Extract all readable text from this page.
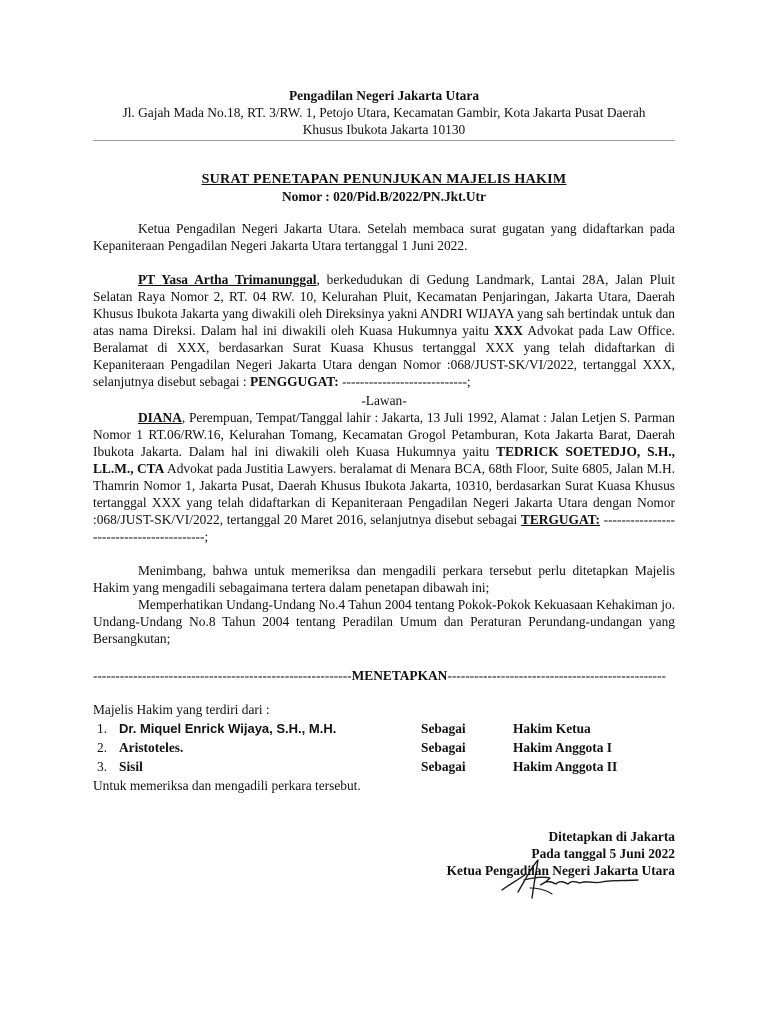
Pengadilan Negeri Jakarta Utara
Jl. Gajah Mada No.18, RT. 3/RW. 1, Petojo Utara, Kecamatan Gambir, Kota Jakarta Pusat Daerah
Khusus Ibukota Jakarta 10130
SURAT PENETAPAN PENUNJUKAN MAJELIS HAKIM
Nomor : 020/Pid.B/2022/PN.Jkt.Utr

Ketua Pengadilan Negeri Jakarta Utara. Setelah membaca surat gugatan yang didaftarkan pada Kepaniteraan Pengadilan Negeri Jakarta Utara tertanggal 1 Juni 2022.

PT Yasa Artha Trimanunggal, berkedudukan di Gedung Landmark, Lantai 28A, Jalan Pluit Selatan Raya Nomor 2, RT. 04 RW. 10, Kelurahan Pluit, Kecamatan Penjaringan, Jakarta Utara, Daerah Khusus Ibukota Jakarta yang diwakili oleh Direksinya yakni ANDRI WIJAYA yang sah bertindak untuk dan atas nama Direksi. Dalam hal ini diwakili oleh Kuasa Hukumnya yaitu XXX Advokat pada Law Office. Beralamat di XXX, berdasarkan Surat Kuasa Khusus tertanggal XXX yang telah didaftarkan di Kepaniteraan Pengadilan Negeri Jakarta Utara dengan Nomor :068/JUST-SK/VI/2022, tertanggal XXX, selanjutnya disebut sebagai : PENGGUGAT: ----------------------------;

-Lawan-

DIANA, Perempuan, Tempat/Tanggal lahir : Jakarta, 13 Juli 1992, Alamat : Jalan Letjen S. Parman Nomor 1 RT.06/RW.16, Kelurahan Tomang, Kecamatan Grogol Petamburan, Kota Jakarta Barat, Daerah Ibukota Jakarta. Dalam hal ini diwakili oleh Kuasa Hukumnya yaitu TEDRICK SOETEDJO, S.H., LL.M., CTA Advokat pada Justitia Lawyers. beralamat di Menara BCA, 68th Floor, Suite 6805, Jalan M.H. Thamrin Nomor 1, Jakarta Pusat, Daerah Khusus Ibukota Jakarta, 10310, berdasarkan Surat Kuasa Khusus tertanggal XXX yang telah didaftarkan di Kepaniteraan Pengadilan Negeri Jakarta Utara dengan Nomor :068/JUST-SK/VI/2022, tertanggal 20 Maret 2016, selanjutnya disebut sebagai TERGUGAT: -----------------------------------------;

Menimbang, bahwa untuk memeriksa dan mengadili perkara tersebut perlu ditetapkan Majelis Hakim yang mengadili sebagaimana tertera dalam penetapan dibawah ini;

Memperhatikan Undang-Undang No.4 Tahun 2004 tentang Pokok-Pokok Kekuasaan Kehakiman jo. Undang-Undang No.8 Tahun 2004 tentang Peradilan Umum dan Peraturan Perundang-undangan yang Bersangkutan;

----------------------------------------------------------MENETAPKAN-------------------------------------------------
Majelis Hakim yang terdiri dari :
1.	Dr. Miquel Enrick Wijaya, S.H., M.H.	Sebagai	Hakim Ketua
2.	Aristoteles.	Sebagai	Hakim Anggota I
3.	Sisil	Sebagai	Hakim Anggota II
Untuk memeriksa dan mengadili perkara tersebut.
Ditetapkan di Jakarta
Pada tanggal 5 Juni 2022
Ketua Pengadilan Negeri Jakarta Utara
